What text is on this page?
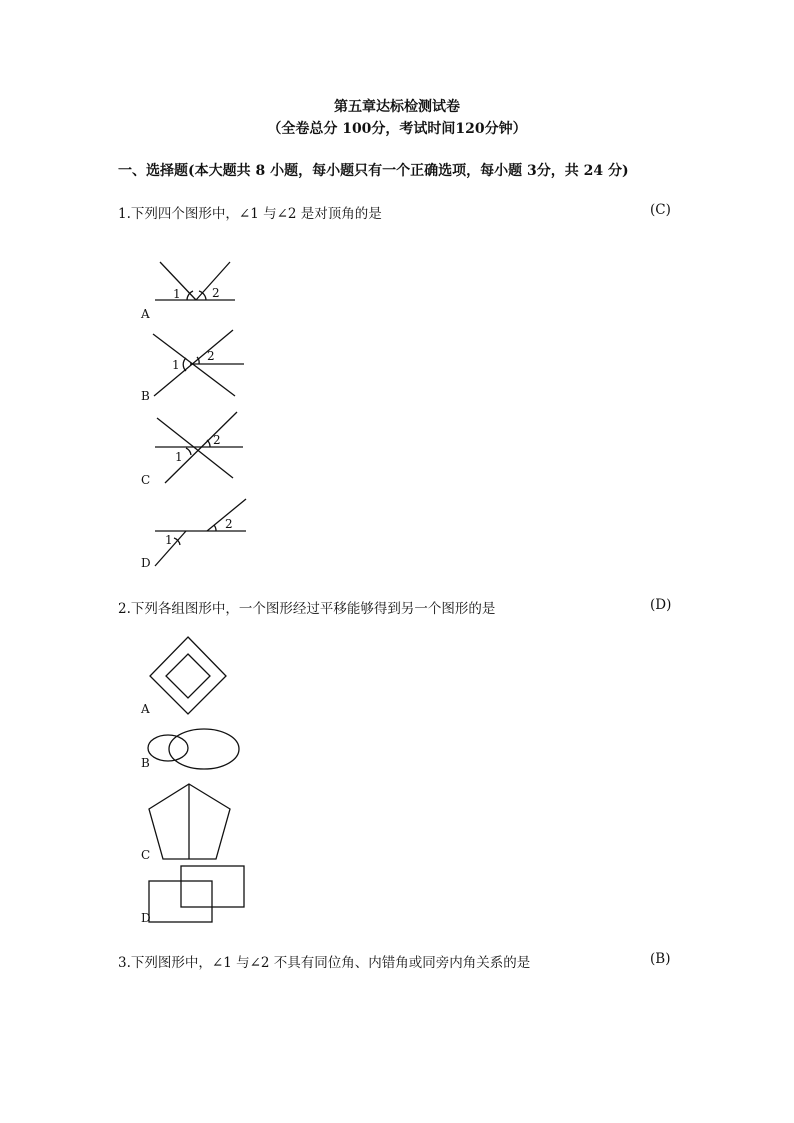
第五章达标检测试卷
（全卷总分 100分，考试时间120分钟）
一、选择题(本大题共 8 小题，每小题只有一个正确选项，每小题 3分，共 24 分)
1.下列四个图形中，∠1 与∠2 是对顶角的是	(C)
1	2
A
1
2
B
2
1
C
1
2
D
2.下列各组图形中，一个图形经过平移能够得到另一个图形的是	(D)
A
B
C
D
3.下列图形中，∠1 与∠2 不具有同位角、内错角或同旁内角关系的是	(B)
